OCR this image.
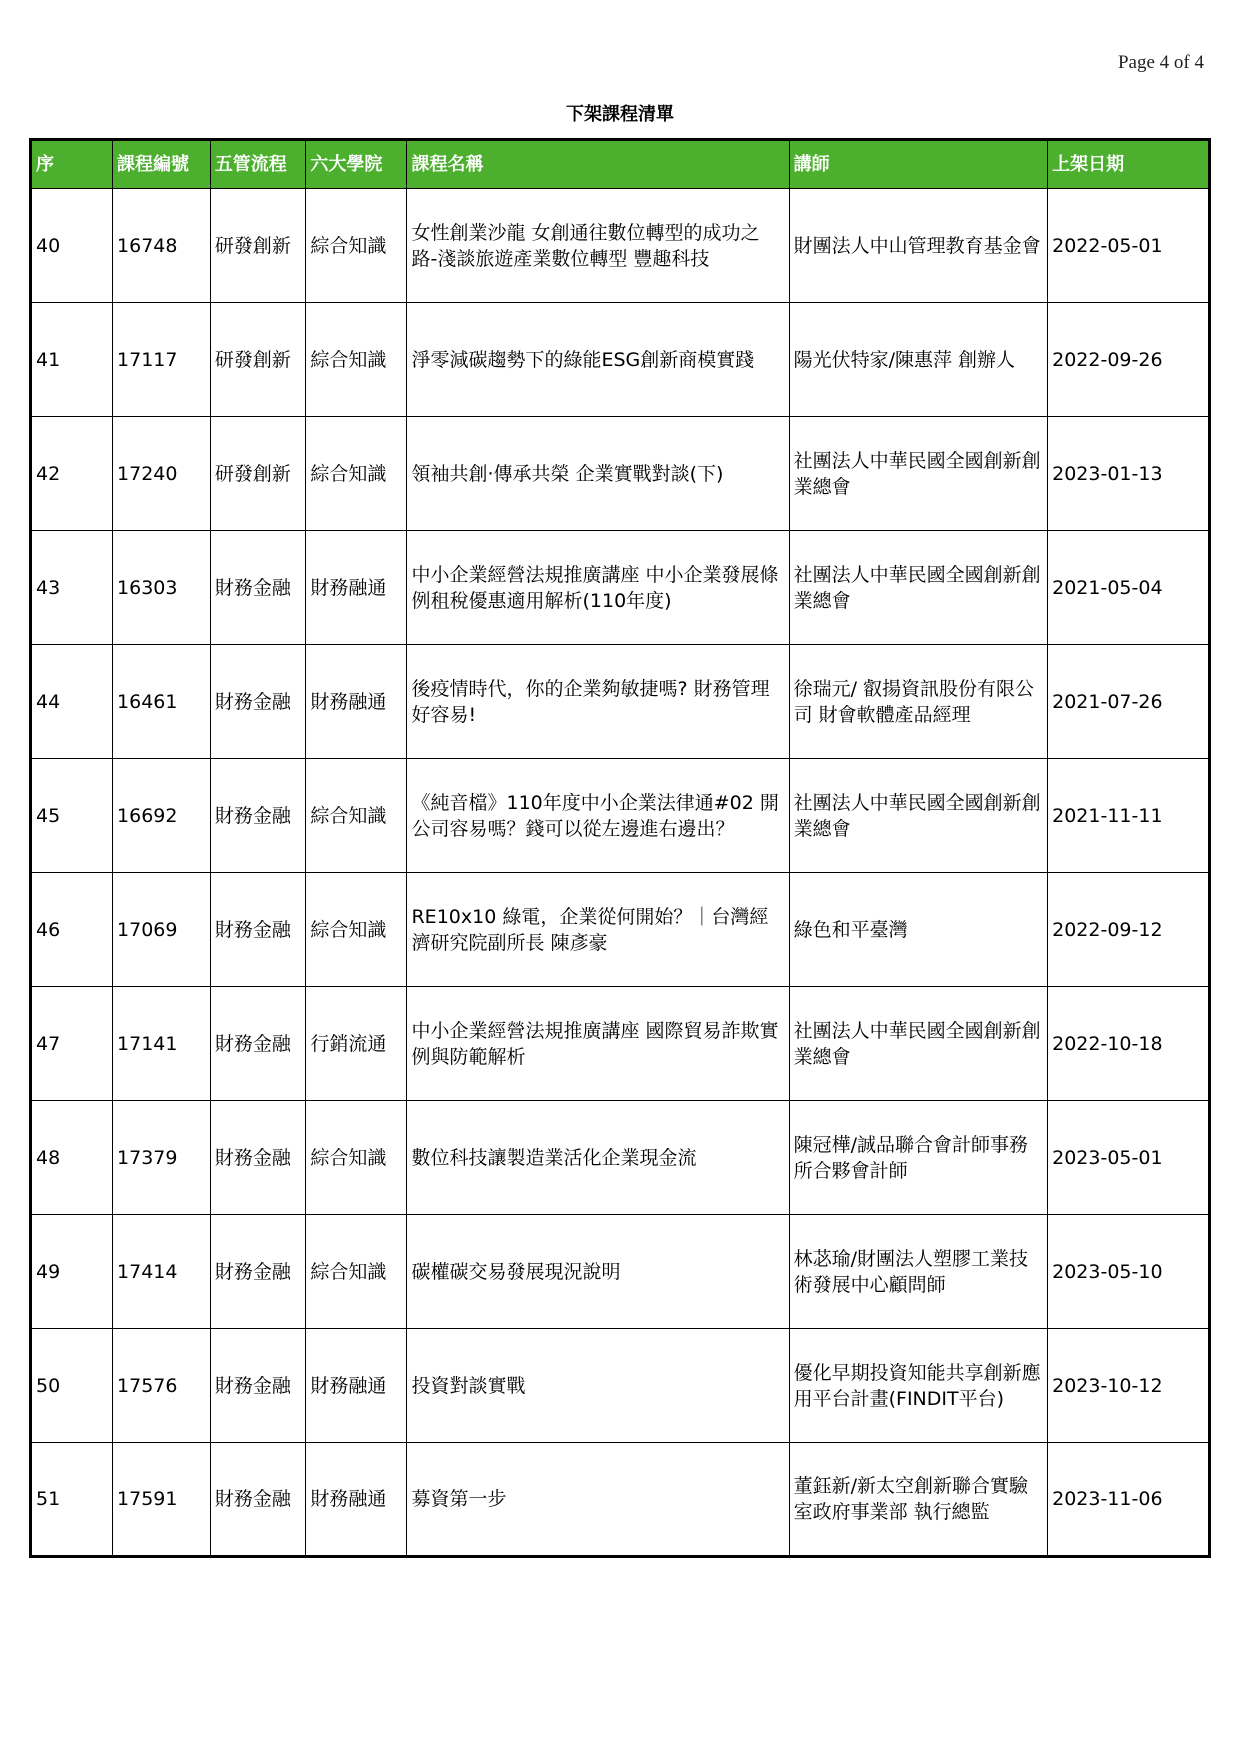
Page 4 of 4
下架課程清單
序	課程編號	五管流程	六大學院	課程名稱	講師	上架日期
40	16748	研發創新	綜合知識	女性創業沙龍 女創通往數位轉型的成功之路-淺談旅遊產業數位轉型 豐趣科技	財團法人中山管理教育基金會	2022-05-01
41	17117	研發創新	綜合知識	淨零減碳趨勢下的綠能ESG創新商模實踐	陽光伏特家/陳惠萍 創辦人	2022-09-26
42	17240	研發創新	綜合知識	領袖共創·傳承共榮 企業實戰對談(下)	社團法人中華民國全國創新創業總會	2023-01-13
43	16303	財務金融	財務融通	中小企業經營法規推廣講座 中小企業發展條例租稅優惠適用解析(110年度)	社團法人中華民國全國創新創業總會	2021-05-04
44	16461	財務金融	財務融通	後疫情時代，你的企業夠敏捷嗎? 財務管理好容易!	徐瑞元/ 叡揚資訊股份有限公司 財會軟體產品經理	2021-07-26
45	16692	財務金融	綜合知識	《純音檔》110年度中小企業法律通#02 開公司容易嗎？錢可以從左邊進右邊出？	社團法人中華民國全國創新創業總會	2021-11-11
46	17069	財務金融	綜合知識	RE10x10 綠電，企業從何開始？｜台灣經濟研究院副所長 陳彥豪	綠色和平臺灣	2022-09-12
47	17141	財務金融	行銷流通	中小企業經營法規推廣講座 國際貿易詐欺實例與防範解析	社團法人中華民國全國創新創業總會	2022-10-18
48	17379	財務金融	綜合知識	數位科技讓製造業活化企業現金流	陳冠樺/誠品聯合會計師事務所合夥會計師	2023-05-01
49	17414	財務金融	綜合知識	碳權碳交易發展現況說明	林苾瑜/財團法人塑膠工業技術發展中心顧問師	2023-05-10
50	17576	財務金融	財務融通	投資對談實戰	優化早期投資知能共享創新應用平台計畫(FINDIT平台)	2023-10-12
51	17591	財務金融	財務融通	募資第一步	董鈺新/新太空創新聯合實驗室政府事業部 執行總監	2023-11-06
